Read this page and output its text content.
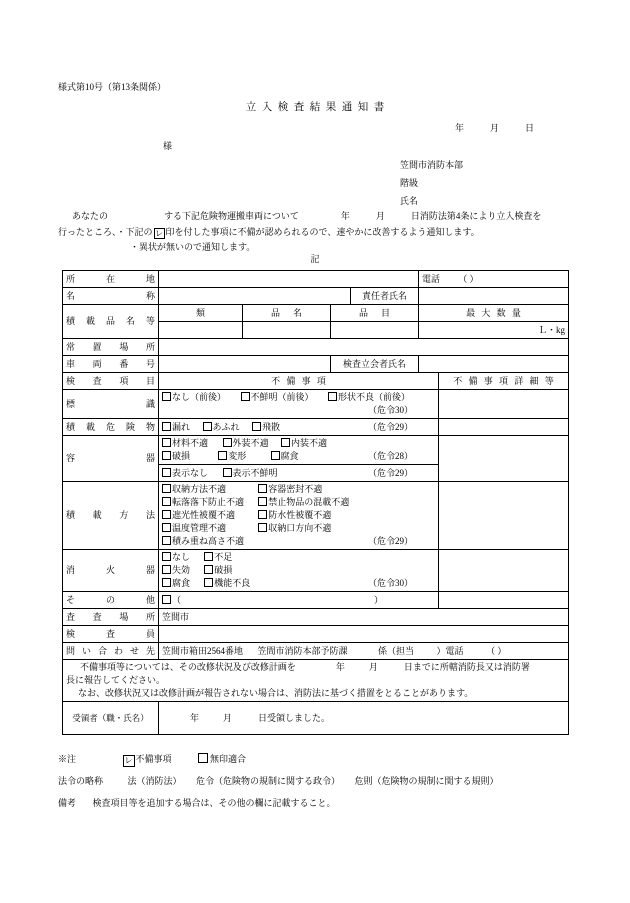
様式第10号（第13条関係）
立入検査結果通知書
年	月	日
様
笠間市消防本部
階級
氏名
あなたの	する下記危険物運搬車両について	年	月	日消防法第4条により立入検査を
行ったところ、・下記の レ 印を付した事項に不備が認められるので、速やかに改善するよう通知します。
・異状が無いので通知します。
記
所 在 地					電話 （ ）	
名　　称				責任者氏名		
積載品名等	類	品　名	品　目		最 大 数 量	
					Ｌ・kg	
常 置 場 所						
車 両 番 号			検査立会者氏名			
検 査 項 目	不 備 事 項					不 備 事 項 詳 細 等
標　　　識	なし（前後） 不鮮明（前後） 形状不良（前後）
（危令30）					

積 載 危 険 物	漏れ あふれ 飛散 （危令29）					

容　　　器	材料不適 外装不適 内装不適
破損 変形 腐食 （危令28）					

	表示なし 表示不鮮明 （危令29）					

積 載 方 法	
収納方法不適	容器密封不適
転落落下防止不適	禁止物品の混載不適
遮光性被覆不適	防水性被覆不適
温度管理不適	収納口方向不適
積み重ね高さ不適	（危令29）

消　火　器	なし 不足
失効 破損
腐食 機能不良 （危令30）					

そ　の　他	（ ）					

査 査 場 所	笠間市					
検　査　員						
問 い 合 わ せ 先	笠間市箱田2564番地 笠間市消防本部予防課 係（担当 ）電話 （ ）					

不備事項等については、その改修状況及び改修計画を 年 月 日までに所轄消防長又は消防署
長に報告してください。
なお、改修状況又は改修計画が報告されない場合は、消防法に基づく措置をとることがあります。						

受領者（職・氏名）	年 月 日受領しました。					
※注	レ 不備事項	無印適合
法令の略称	法（消防法） 危令（危険物の規制に関する政令） 危則（危険物の規制に関する規則）
備考 検査項目等を追加する場合は、その他の欄に記載すること。
